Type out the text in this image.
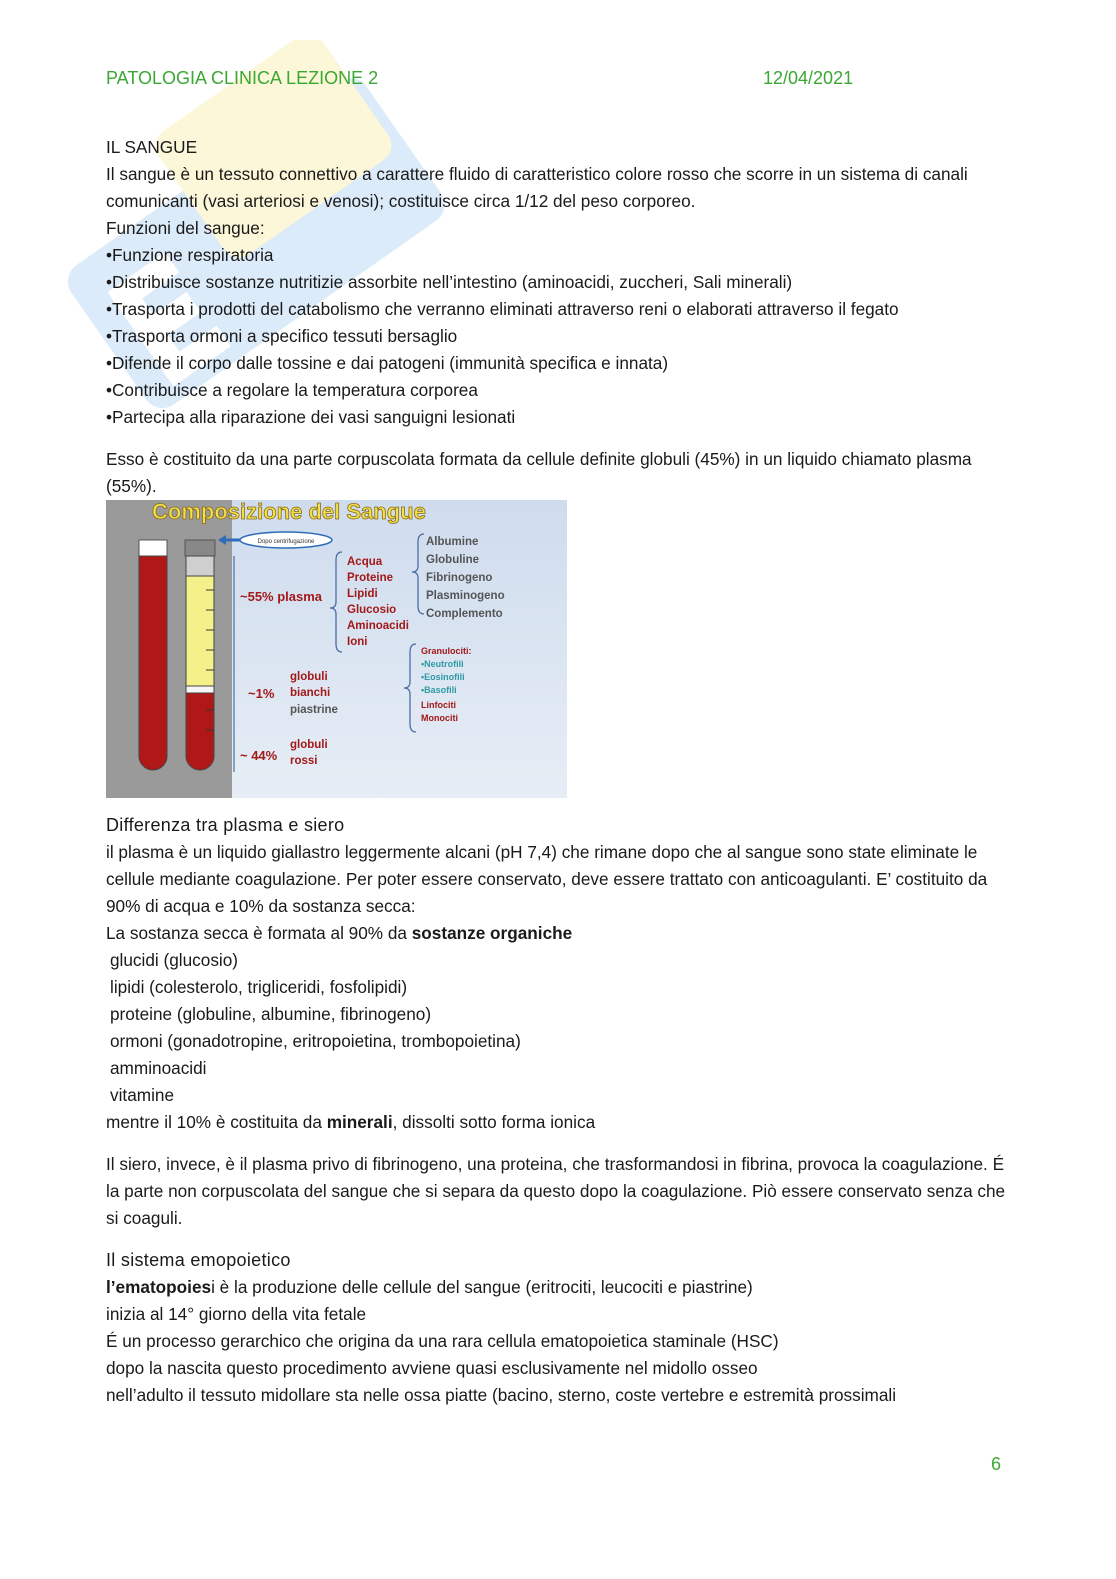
PATOLOGIA CLINICA LEZIONE 2	12/04/2021

IL SANGUE

Il sangue è un tessuto connettivo a carattere fluido di caratteristico colore rosso che scorre in un sistema di canali comunicanti (vasi arteriosi e venosi); costituisce circa 1/12 del peso corporeo.

Funzioni del sangue:

•Funzione respiratoria

•Distribuisce sostanze nutritizie assorbite nell’intestino (aminoacidi, zuccheri, Sali minerali)

•Trasporta i prodotti del catabolismo che verranno eliminati attraverso reni o elaborati attraverso il fegato

•Trasporta ormoni a specifico tessuti bersaglio

•Difende il corpo dalle tossine e dai patogeni (immunità specifica e innata)

•Contribuisce a regolare la temperatura corporea

•Partecipa alla riparazione dei vasi sanguigni lesionati

Esso è costituito da una parte corpuscolata formata da cellule definite globuli (45%) in un liquido chiamato plasma (55%).

Composizione del Sangue
Dopo centrifugazione
~55% plasma
~1%
~ 44%
Acqua
Proteine
Lipidi
Glucosio
Aminoacidi
Ioni
Albumine
Globuline
Fibrinogeno
Plasminogeno
Complemento
globuli
bianchi
piastrine
Granulociti:
•Neutrofili
•Eosinofili
•Basofili
Linfociti
Monociti
globuli
rossi

Differenza tra plasma e siero

il plasma è un liquido giallastro leggermente alcani (pH 7,4) che rimane dopo che al sangue sono state eliminate le cellule mediante coagulazione. Per poter essere conservato, deve essere trattato con anticoagulanti. E’ costituito da 90% di acqua e 10% da sostanza secca:

La sostanza secca è formata al 90% da sostanze organiche

glucidi (glucosio)

lipidi (colesterolo, trigliceridi, fosfolipidi)

proteine (globuline, albumine, fibrinogeno)

ormoni (gonadotropine, eritropoietina, trombopoietina)

amminoacidi

vitamine

mentre il 10% è costituita da minerali, dissolti sotto forma ionica

Il siero, invece, è il plasma privo di fibrinogeno, una proteina, che trasformandosi in fibrina, provoca la coagulazione. É la parte non corpuscolata del sangue che si separa da questo dopo la coagulazione. Piò essere conservato senza che si coaguli.

Il sistema emopoietico

l’ematopoiesi è la produzione delle cellule del sangue (eritrociti, leucociti e piastrine)

inizia al 14° giorno della vita fetale

É un processo gerarchico che origina da una rara cellula ematopoietica staminale (HSC)

dopo la nascita questo procedimento avviene quasi esclusivamente nel midollo osseo

nell’adulto il tessuto midollare sta nelle ossa piatte (bacino, sterno, coste vertebre e estremità prossimali

6
